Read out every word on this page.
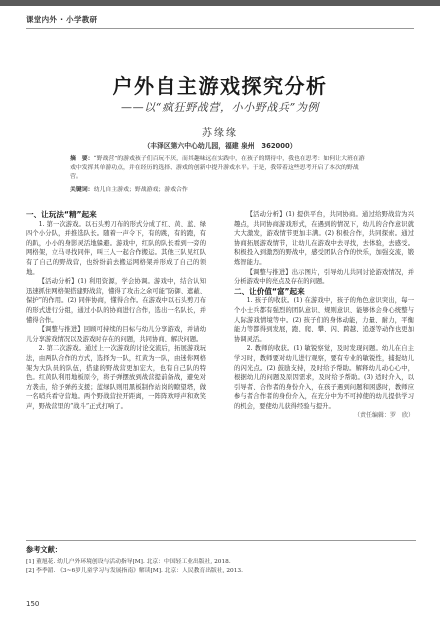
课堂内外 · 小学教研
户外自主游戏探究分析
——以“疯狂野战营，小小野战兵”为例
苏缘缘
（丰泽区第六中心幼儿园，福建 泉州　362000）
摘　要：“野战营”的游戏孩子们百玩不厌，而其趣味远在实践中，在孩子的期待中，我也在思考：如何让大班在游戏中发挥其单游功点，并在经历的选择、游戏的创新中提升游戏水平。于是，我带着这些思考开启了本次的野战营。
关键词：幼儿自主游戏；野战游戏；游戏合作

一、让玩法“精”起来

1. 第一次游戏。以石头剪刀布的形式分成了红、黄、蓝、绿四个小分队，并推选队长。随着一声令下，有的跳，有的跑，有的趴，小小的身影灵活地躲避。游戏中，红队的队长看到一旁的网格架，立马寻找同伴，叫三人一起合作搬运。其他三队见红队有了自己的野战营，也纷纷前去搬运网格架并形成了自己的领地。

【活动分析】(1) 利用资源，学会协调。游戏中，结合认知迅速抓住网格架搭建野战营，懂得了攻击之余可能“防御、遮蔽、保护”的作用。(2) 同伴协商，懂得合作。在游戏中以石头剪刀布的形式进行分组，通过小队的协商进行合作，选出一名队长，并懂得合作。

【调整与推进】回顾可持续的目标与幼儿分享游戏，并请幼儿分享游戏情况以及游戏时存在的问题，共同协商、解决问题。

2. 第二次游戏。通过上一次游戏的讨论交流后，拓展游戏玩法，由两队合作的方式，选择为一队，红黄为一队，由迷你网格架为大队员的队伍，搭建的野战营更加宏大，也有自己队的特色。红黄队利用地板原今，将子弹摆放到战营提前备战，避免对方袭击，给予弹药支援；蓝绿队则用黑板制作站岗的瞭望塔，做一名哨兵看守营地。两个野战营拉开距离，一阵阵欢呼声和欢笑声，野战营里的“战斗”正式打响了。

【活动分析】(1) 提供平台，共同协商。通过给野战营为兴趣点，共同协商游戏形式，在遇到的情况下，幼儿的合作意识就大大激发，游戏情节更加丰满。(2) 积极合作，共同探索。通过协商拓展游戏情节，让幼儿在游戏中去寻找，去体验，去感受。积极投入到激烈的野战中，感受团队合作的快乐，加强交流，锻炼智能力。

【调整与推进】出示图片，引导幼儿共同讨论游戏情况，并分析游戏中的亮点及存在的问题。

二、让价值“富”起来

1. 孩子的收获。(1) 在游戏中，孩子的角色意识突出，每一个小士兵都有强烈的团队意识、规则意识、能够体会身心统整与人际游戏情境等中。(2) 孩子们的身体动能，力量、耐力，平衡能力等都得到发展，跑、爬、攀、闪、跨越、追逐等动作也更加协调灵活。

2. 教师的收获。(1) 敏锐察觉，及时发现问题。幼儿在自主学习时，教师要对幼儿进行观察，要有专业的敏锐性，捕捉幼儿的闪光点。(2) 鼓励支持，及时给予帮助。解释幼儿动心心中，根据幼儿的问题及原因需求，及时给予帮助。(3) 适时介入，以引导者、合作者的身份介入，在孩子遇到问题和困惑时，教师应参与者合作者的身份介入，在充分中为不可掉使的幼儿提供学习的机会，要使幼儿获得经验与提升。

（责任编辑：罗　欣）

参考文献：
[1] 董旭花. 幼儿户外环境创设与活动指导[M]. 北京：中国轻工业出版社, 2018.
[2] 李季湄. 《3~6岁儿童学习与发展指南》解读[M]. 北京：人民教育出版社, 2013.
150
